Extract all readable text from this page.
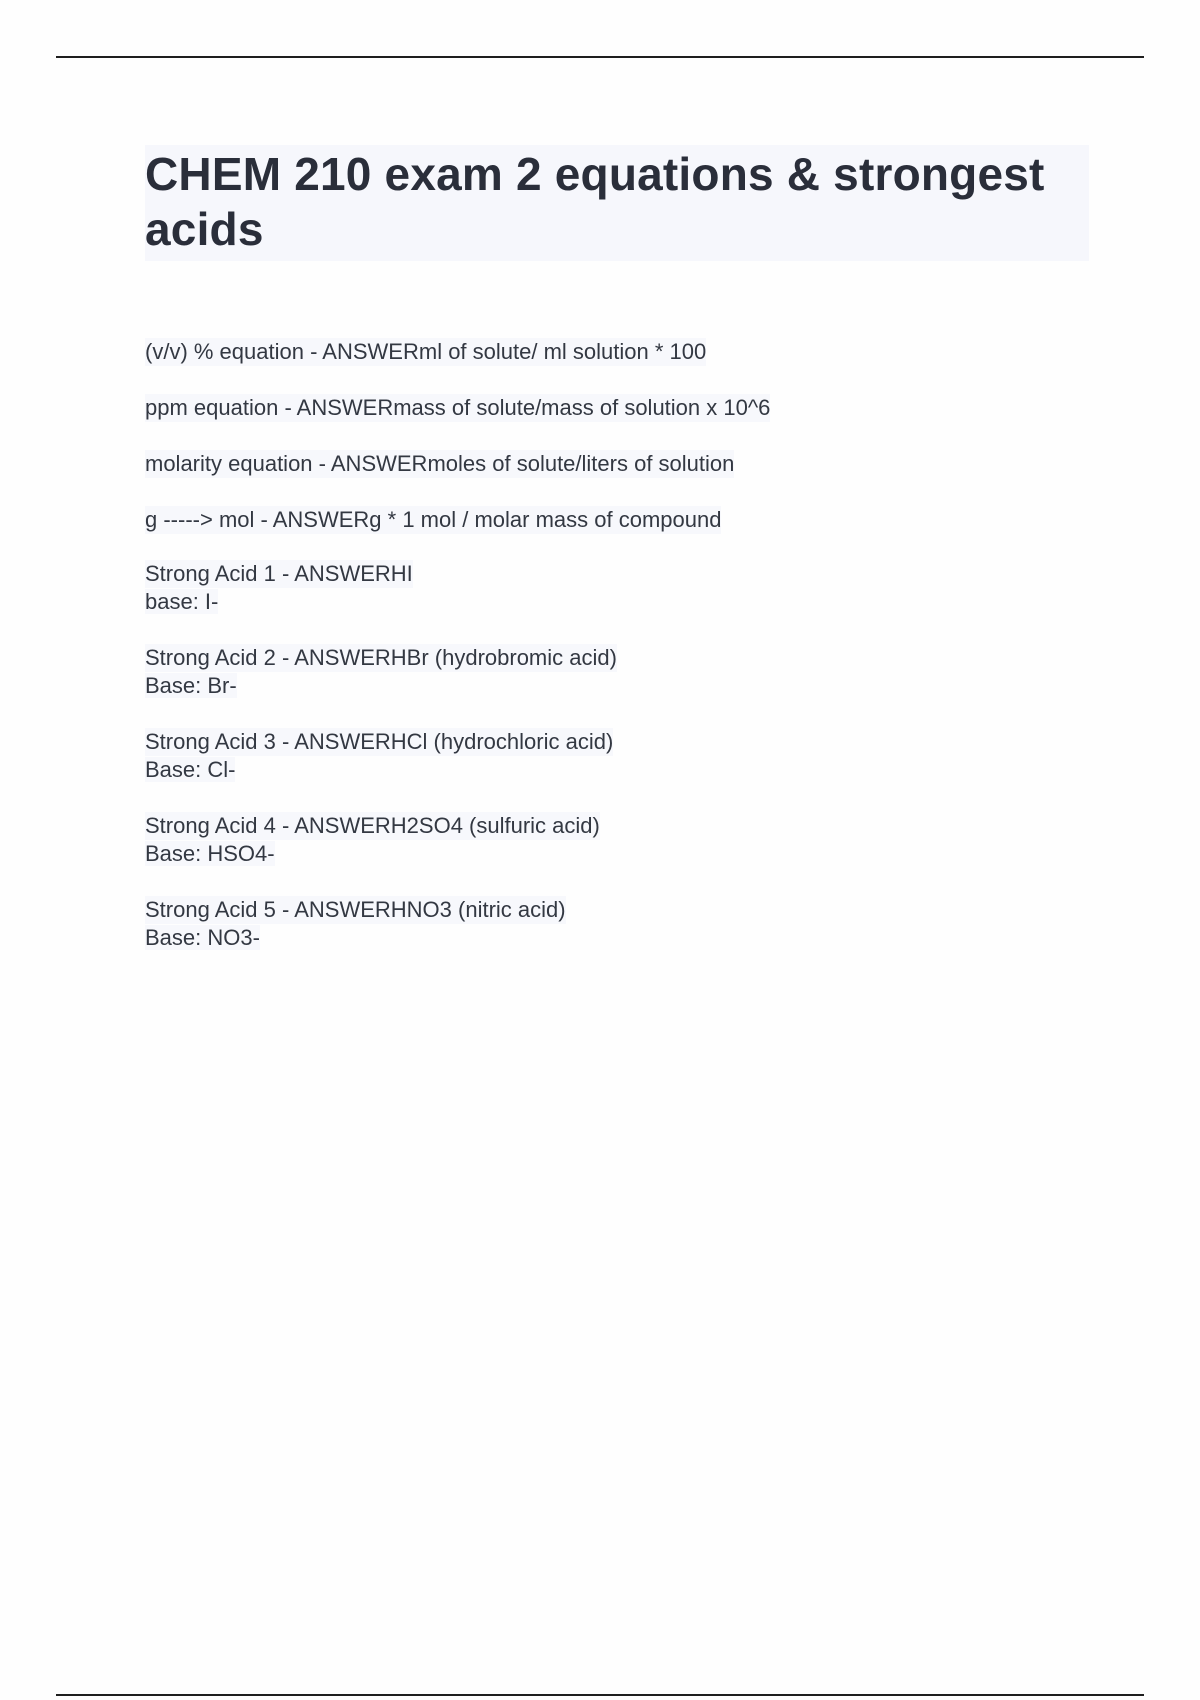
CHEM 210 exam 2 equations & strongest acids

(v/v) % equation - ANSWERml of solute/ ml solution * 100

ppm equation - ANSWERmass of solute/mass of solution x 10^6

molarity equation - ANSWERmoles of solute/liters of solution

g -----> mol - ANSWERg * 1 mol / molar mass of compound

Strong Acid 1 - ANSWERHI
base: I-

Strong Acid 2 - ANSWERHBr (hydrobromic acid)
Base: Br-

Strong Acid 3 - ANSWERHCl (hydrochloric acid)
Base: Cl-

Strong Acid 4 - ANSWERH2SO4 (sulfuric acid)
Base: HSO4-

Strong Acid 5 - ANSWERHNO3 (nitric acid)
Base: NO3-
